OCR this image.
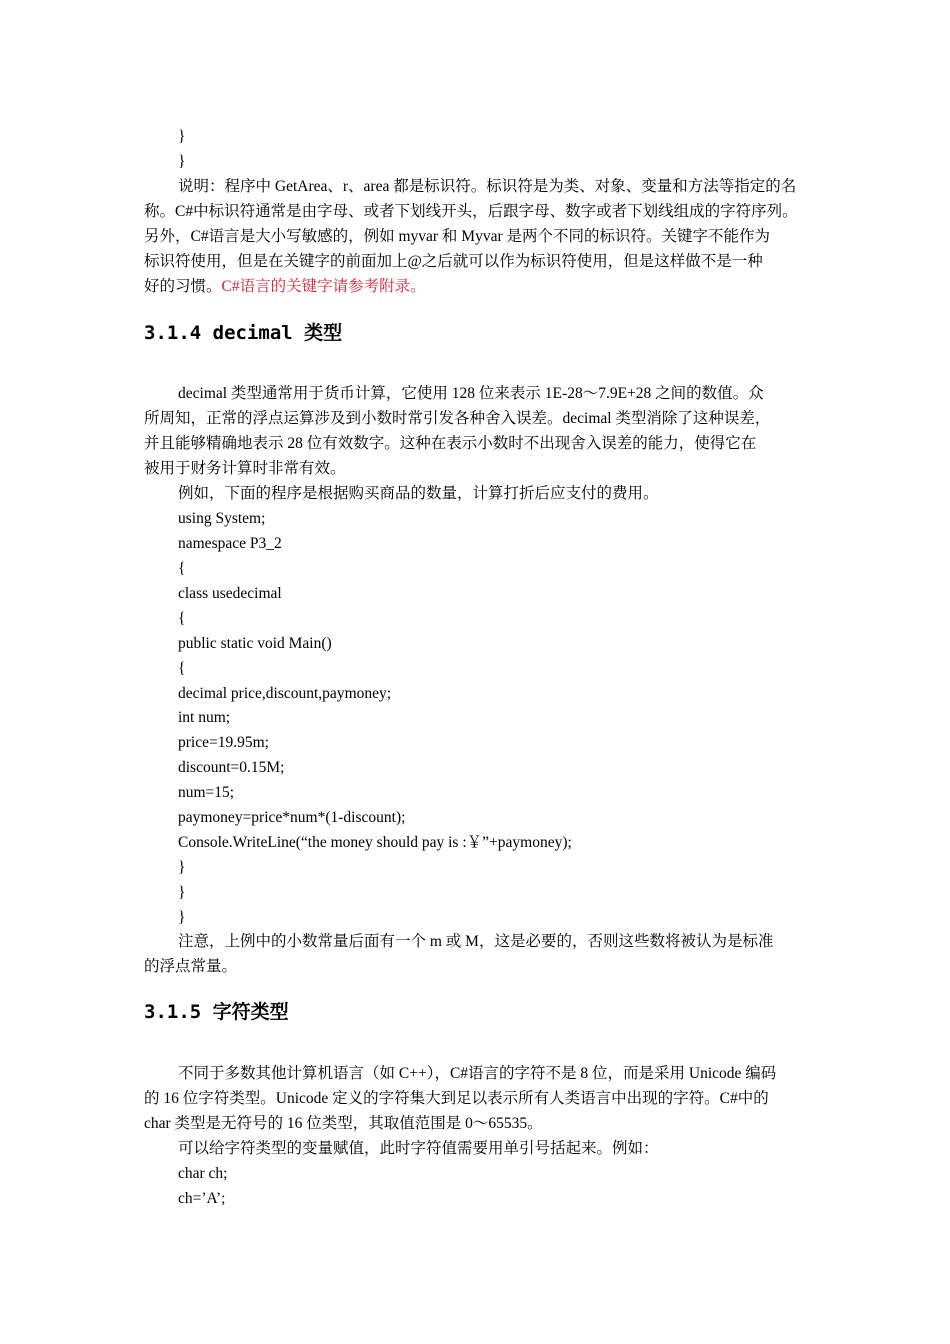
}
}
说明：程序中 GetArea、r、area 都是标识符。标识符是为类、对象、变量和方法等指定的名
称。C#中标识符通常是由字母、或者下划线开头，后跟字母、数字或者下划线组成的字符序列。
另外，C#语言是大小写敏感的，例如 myvar 和 Myvar 是两个不同的标识符。关键字不能作为
标识符使用，但是在关键字的前面加上@之后就可以作为标识符使用，但是这样做不是一种
好的习惯。C#语言的关键字请参考附录。
3.1.4 decimal 类型
decimal 类型通常用于货币计算，它使用 128 位来表示 1E-28～7.9E+28 之间的数值。众
所周知，正常的浮点运算涉及到小数时常引发各种舍入误差。decimal 类型消除了这种误差，
并且能够精确地表示 28 位有效数字。这种在表示小数时不出现舍入误差的能力，使得它在
被用于财务计算时非常有效。
例如，下面的程序是根据购买商品的数量，计算打折后应支付的费用。
using System;
namespace P3_2
{
class usedecimal
{
public static void Main()
{
decimal price,discount,paymoney;
int num;
price=19.95m;
discount=0.15M;
num=15;
paymoney=price*num*(1-discount);
Console.WriteLine(“the money should pay is :￥”+paymoney);
}
}
}
注意，上例中的小数常量后面有一个 m 或 M，这是必要的，否则这些数将被认为是标准
的浮点常量。
3.1.5 字符类型
不同于多数其他计算机语言（如 C++），C#语言的字符不是 8 位，而是采用 Unicode 编码
的 16 位字符类型。Unicode 定义的字符集大到足以表示所有人类语言中出现的字符。C#中的
char 类型是无符号的 16 位类型，其取值范围是 0～65535。
可以给字符类型的变量赋值，此时字符值需要用单引号括起来。例如：
char ch;
ch=’A’;
